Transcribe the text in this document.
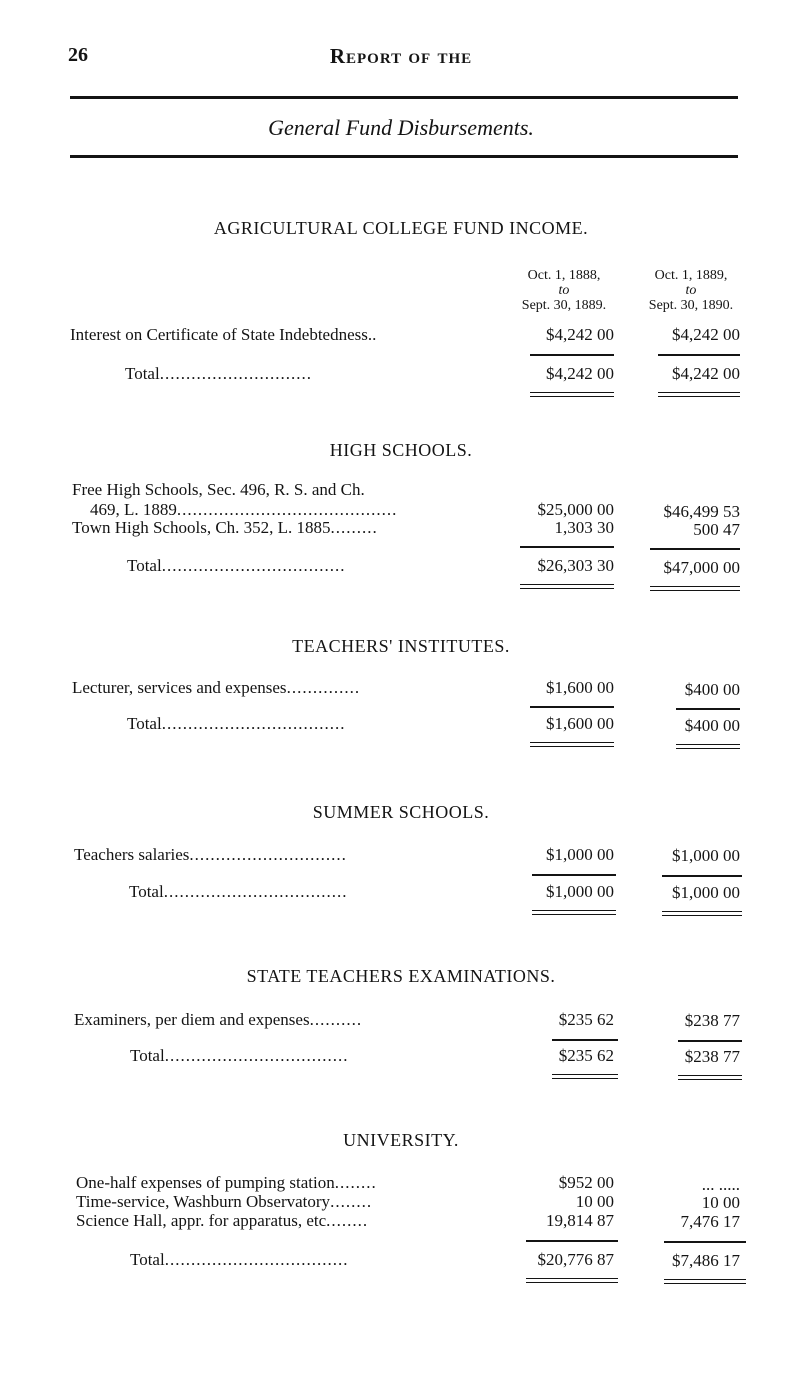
26	Report of the
General Fund Disbursements.
AGRICULTURAL COLLEGE FUND INCOME.
Oct. 1, 1888,
to
Sept. 30, 1889.
Oct. 1, 1889,
to
Sept. 30, 1890.
Interest on Certificate of State Indebtedness..	$4,242 00	$4,242 00
Total.............................	$4,242 00	$4,242 00
HIGH SCHOOLS.
Free High Schools, Sec. 496, R. S. and Ch.
469, L. 1889..........................................	$25,000 00	$46,499 53
Town High Schools, Ch. 352, L. 1885.........	1,303 30	500 47
Total...................................	$26,303 30	$47,000 00
TEACHERS' INSTITUTES.
Lecturer, services and expenses..............	$1,600 00	$400 00
Total...................................	$1,600 00	$400 00
SUMMER SCHOOLS.
Teachers salaries..............................	$1,000 00	$1,000 00
Total...................................	$1,000 00	$1,000 00
STATE TEACHERS EXAMINATIONS.
Examiners, per diem and expenses..........	$235 62	$238 77
Total...................................	$235 62	$238 77
UNIVERSITY.
One-half expenses of pumping station........	$952 00	... .....
Time-service, Washburn Observatory........	10 00	10 00
Science Hall, appr. for apparatus, etc........	19,814 87	7,476 17
Total...................................	$20,776 87	$7,486 17
